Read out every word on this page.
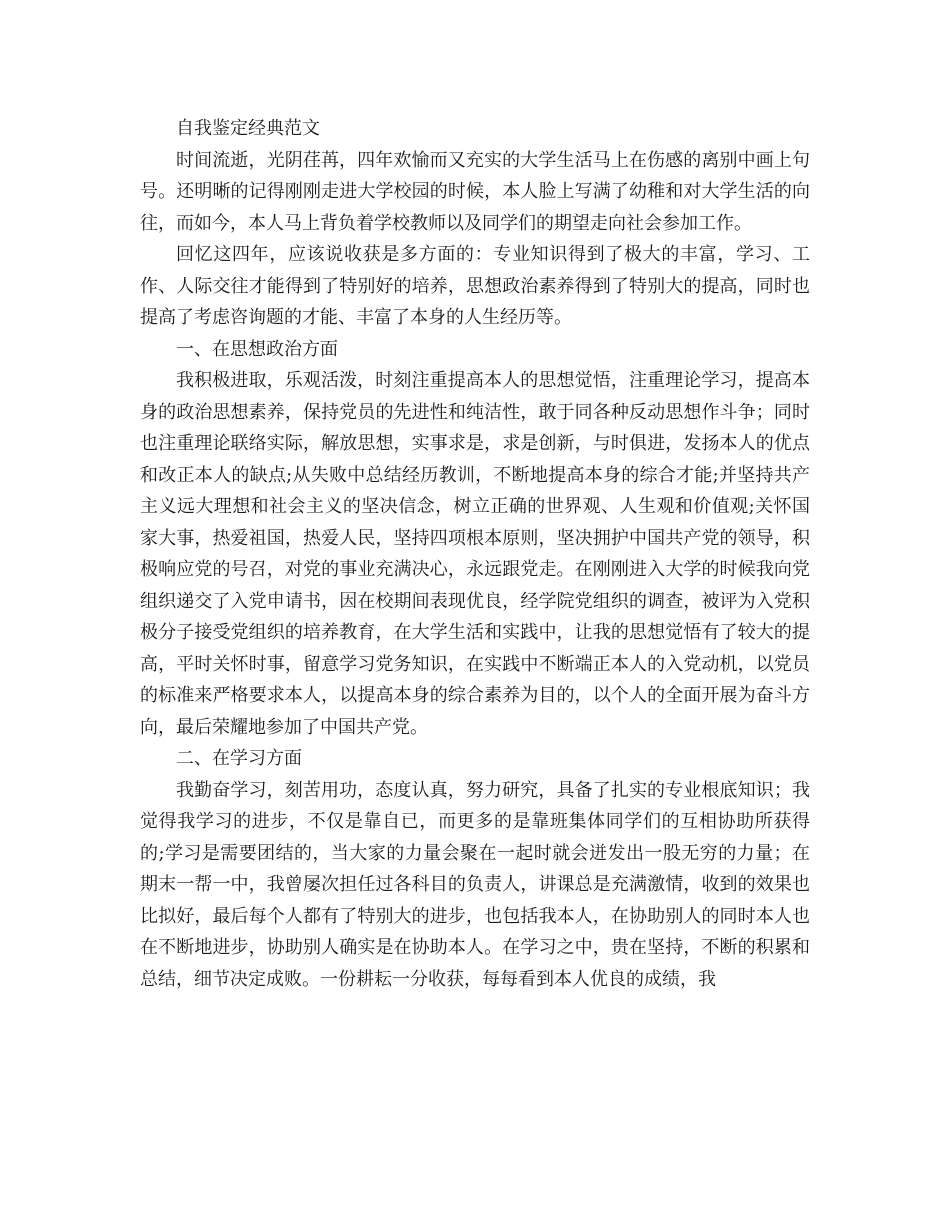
自我鉴定经典范文

时间流逝，光阴荏苒，四年欢愉而又充实的大学生活马上在伤感的离别中画上句号。还明晰的记得刚刚走进大学校园的时候，本人脸上写满了幼稚和对大学生活的向往，而如今，本人马上背负着学校教师以及同学们的期望走向社会参加工作。

回忆这四年，应该说收获是多方面的：专业知识得到了极大的丰富，学习、工作、人际交往才能得到了特别好的培养，思想政治素养得到了特别大的提高，同时也提高了考虑咨询题的才能、丰富了本身的人生经历等。

一、在思想政治方面

我积极进取，乐观活泼，时刻注重提高本人的思想觉悟，注重理论学习，提高本身的政治思想素养，保持党员的先进性和纯洁性，敢于同各种反动思想作斗争；同时也注重理论联络实际，解放思想，实事求是，求是创新，与时俱进，发扬本人的优点和改正本人的缺点;从失败中总结经历教训，不断地提高本身的综合才能;并坚持共产主义远大理想和社会主义的坚决信念，树立正确的世界观、人生观和价值观;关怀国家大事，热爱祖国，热爱人民，坚持四项根本原则，坚决拥护中国共产党的领导，积极响应党的号召，对党的事业充满决心，永远跟党走。在刚刚进入大学的时候我向党组织递交了入党申请书，因在校期间表现优良，经学院党组织的调查，被评为入党积极分子接受党组织的培养教育，在大学生活和实践中，让我的思想觉悟有了较大的提高，平时关怀时事，留意学习党务知识，在实践中不断端正本人的入党动机，以党员的标准来严格要求本人，以提高本身的综合素养为目的，以个人的全面开展为奋斗方向，最后荣耀地参加了中国共产党。

二、在学习方面

我勤奋学习，刻苦用功，态度认真，努力研究，具备了扎实的专业根底知识；我觉得我学习的进步，不仅是靠自已，而更多的是靠班集体同学们的互相协助所获得的;学习是需要团结的，当大家的力量会聚在一起时就会迸发出一股无穷的力量；在期末一帮一中，我曾屡次担任过各科目的负责人，讲课总是充满激情，收到的效果也比拟好，最后每个人都有了特别大的进步，也包括我本人，在协助别人的同时本人也在不断地进步，协助别人确实是在协助本人。在学习之中，贵在坚持，不断的积累和总结，细节决定成败。一份耕耘一分收获，每每看到本人优良的成绩，我
